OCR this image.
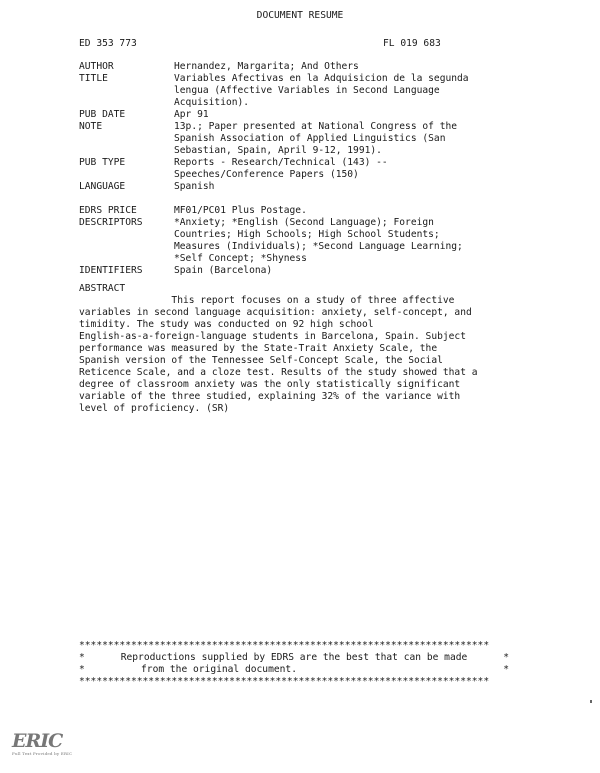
DOCUMENT RESUME
ED 353 773	FL 019 683
AUTHOR	Hernandez, Margarita; And Others
TITLE	Variables Afectivas en la Adquisicion de la segunda
lengua (Affective Variables in Second Language
Acquisition).
PUB DATE	Apr 91
NOTE	13p.; Paper presented at National Congress of the
Spanish Association of Applied Linguistics (San
Sebastian, Spain, April 9-12, 1991).
PUB TYPE	Reports - Research/Technical (143) --
Speeches/Conference Papers (150)
LANGUAGE	Spanish
EDRS PRICE	MF01/PC01 Plus Postage.
DESCRIPTORS	*Anxiety; *English (Second Language); Foreign
Countries; High Schools; High School Students;
Measures (Individuals); *Second Language Learning;
*Self Concept; *Shyness
IDENTIFIERS	Spain (Barcelona)
ABSTRACT
This report focuses on a study of three affective
variables in second language acquisition: anxiety, self-concept, and
timidity. The study was conducted on 92 high school
English-as-a-foreign-language students in Barcelona, Spain. Subject
performance was measured by the State-Trait Anxiety Scale, the
Spanish version of the Tennessee Self-Concept Scale, the Social
Reticence Scale, and a cloze test. Results of the study showed that a
degree of classroom anxiety was the only statistically significant
variable of the three studied, explaining 32% of the variance with
level of proficiency. (SR)
***********************************************************************
*	Reproductions supplied by EDRS are the best that can be made	*
*	from the original document.	*
***********************************************************************
ERIC
Full Text Provided by ERIC
